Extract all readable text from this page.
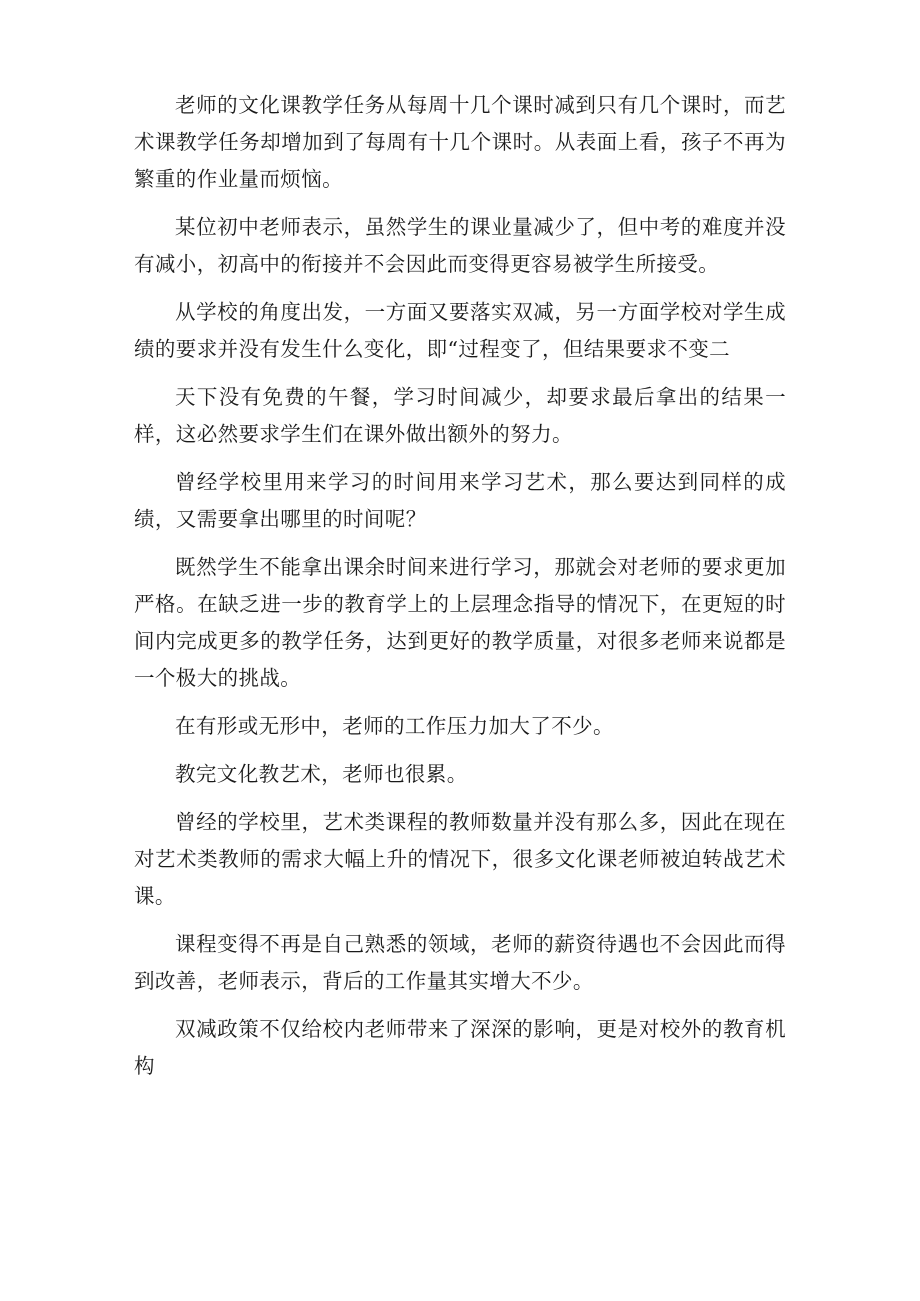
老师的文化课教学任务从每周十几个课时减到只有几个课时，而艺术课教学任务却增加到了每周有十几个课时。从表面上看，孩子不再为繁重的作业量而烦恼。

某位初中老师表示，虽然学生的课业量减少了，但中考的难度并没有减小，初高中的衔接并不会因此而变得更容易被学生所接受。

从学校的角度出发，一方面又要落实双减，另一方面学校对学生成绩的要求并没有发生什么变化，即“过程变了，但结果要求不变二

天下没有免费的午餐，学习时间减少，却要求最后拿出的结果一样，这必然要求学生们在课外做出额外的努力。

曾经学校里用来学习的时间用来学习艺术，那么要达到同样的成绩，又需要拿出哪里的时间呢？

既然学生不能拿出课余时间来进行学习，那就会对老师的要求更加严格。在缺乏进一步的教育学上的上层理念指导的情况下，在更短的时间内完成更多的教学任务，达到更好的教学质量，对很多老师来说都是一个极大的挑战。

在有形或无形中，老师的工作压力加大了不少。

教完文化教艺术，老师也很累。

曾经的学校里，艺术类课程的教师数量并没有那么多，因此在现在对艺术类教师的需求大幅上升的情况下，很多文化课老师被迫转战艺术课。

课程变得不再是自己熟悉的领域，老师的薪资待遇也不会因此而得到改善，老师表示，背后的工作量其实增大不少。

双减政策不仅给校内老师带来了深深的影响，更是对校外的教育机构
